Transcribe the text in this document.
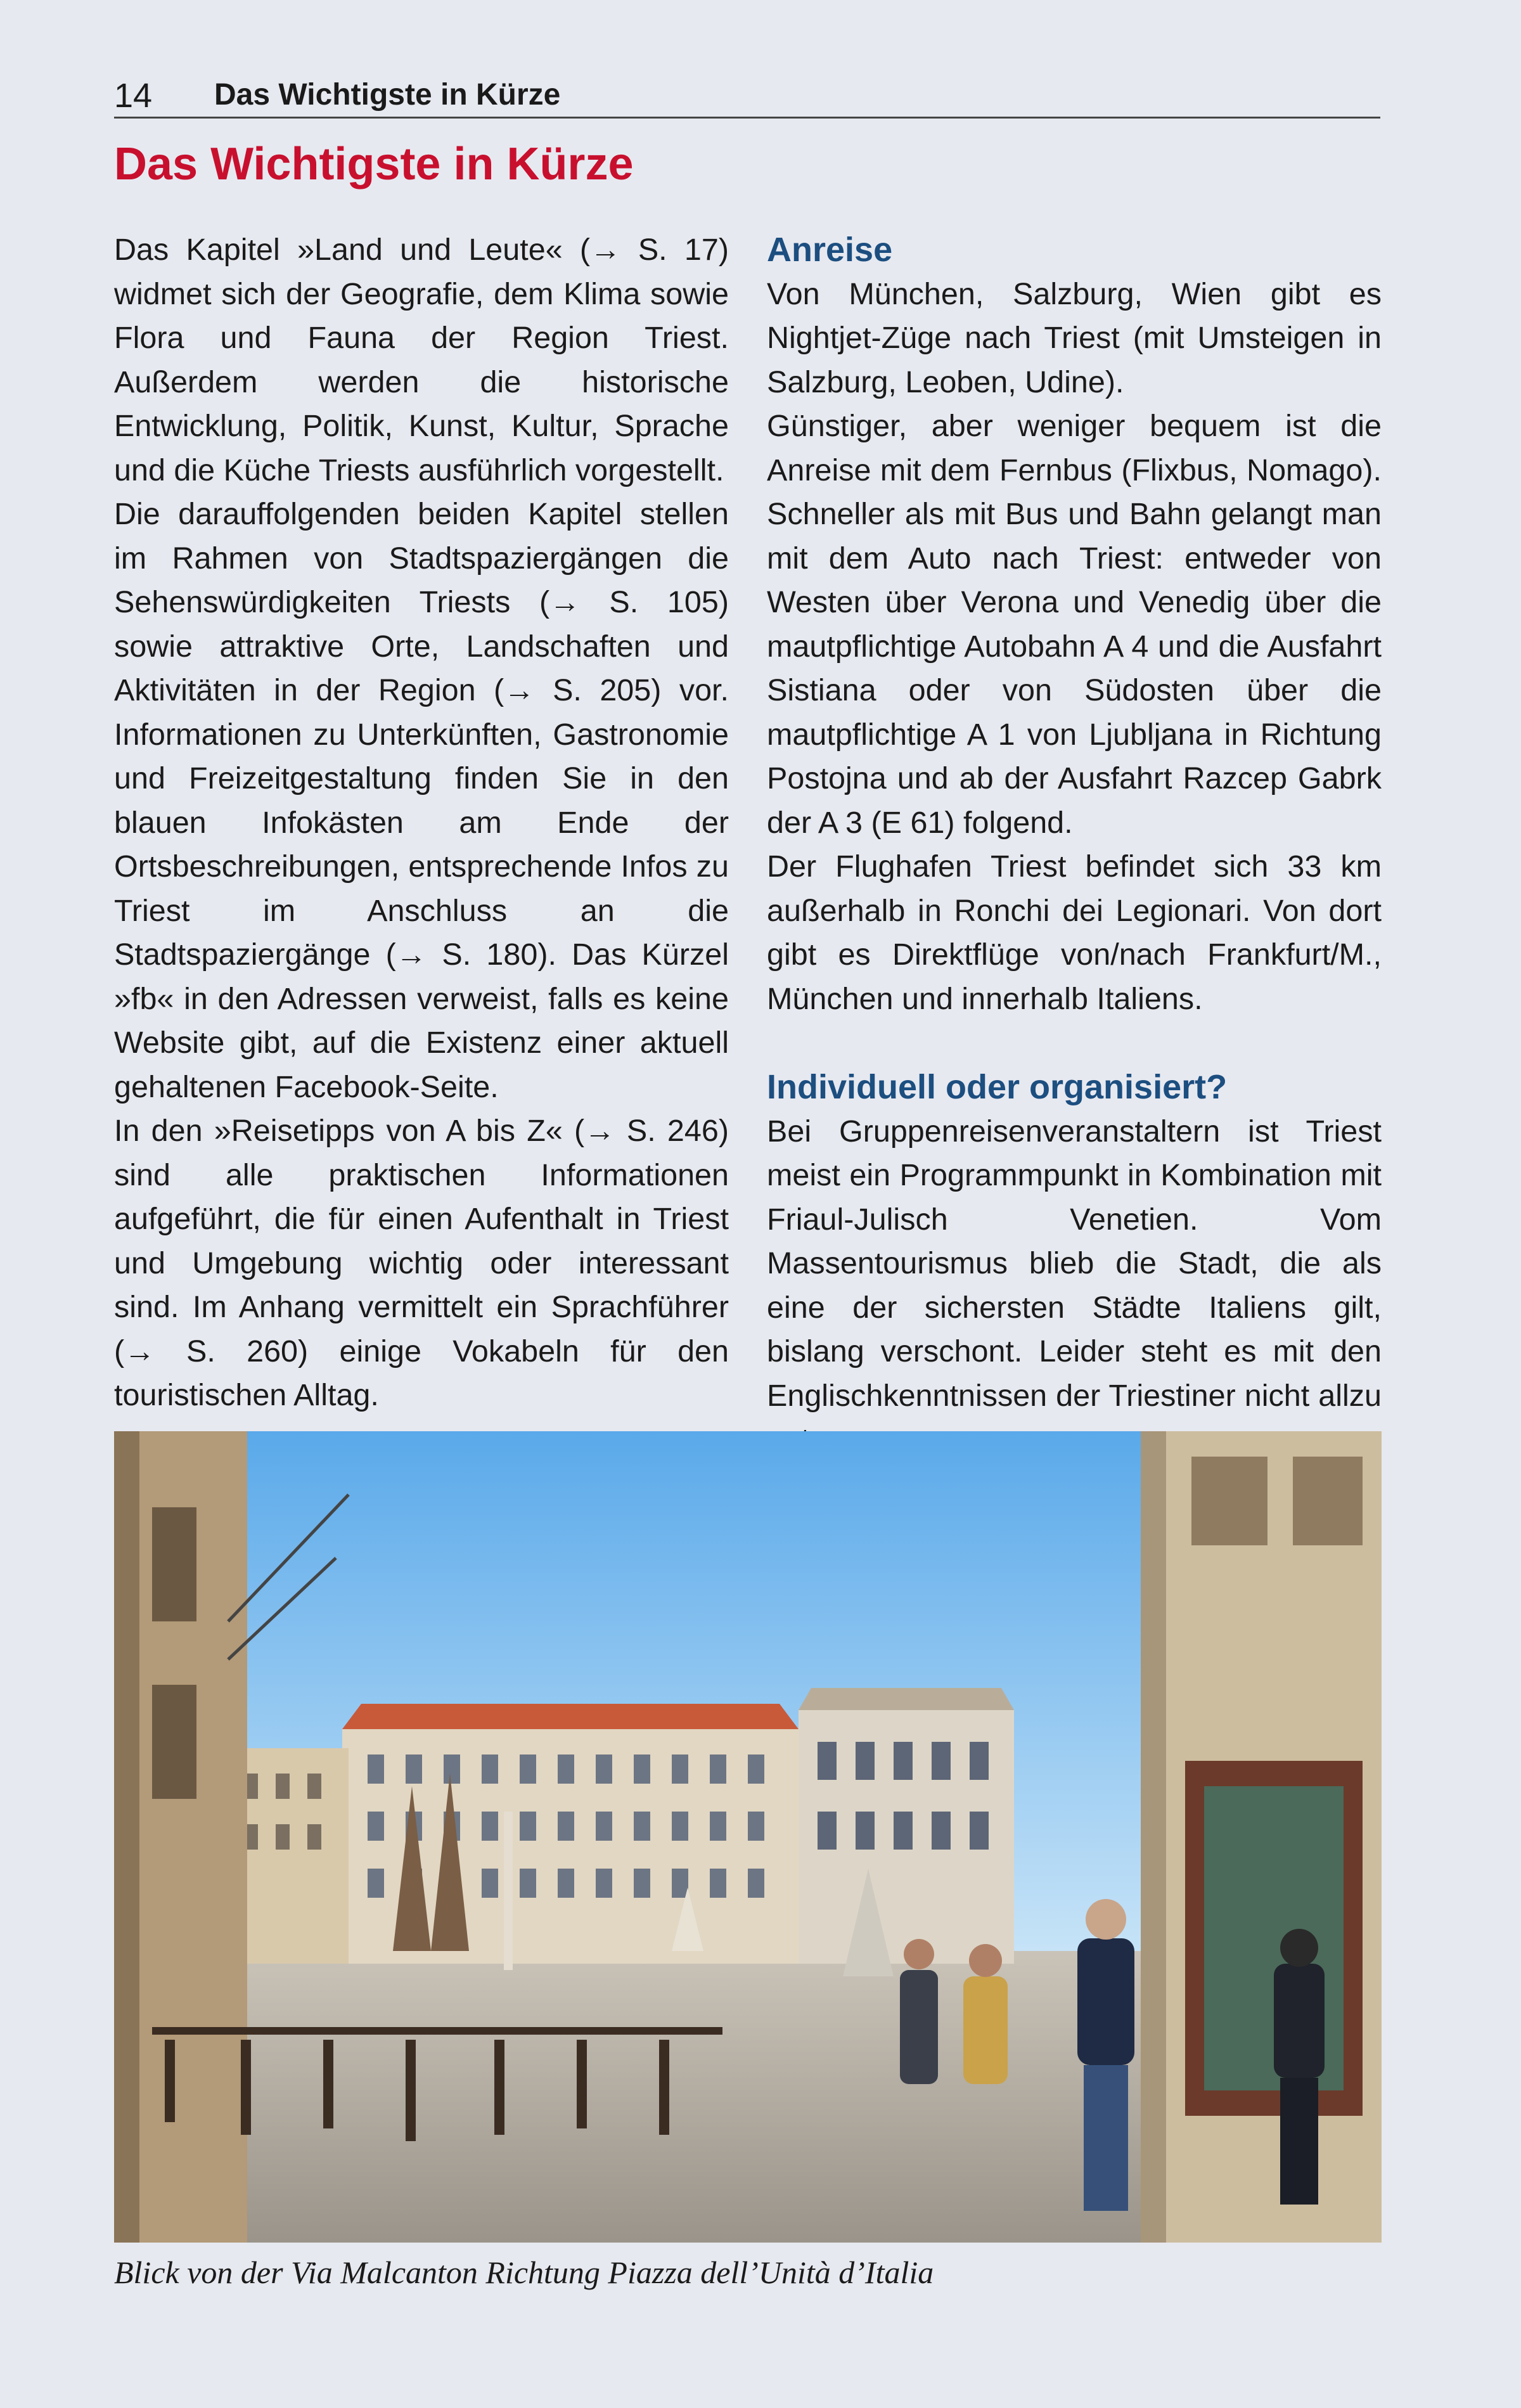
14 Das Wichtigste in Kürze
Das Wichtigste in Kürze

Das Kapitel »Land und Leute« (→ S. 17) widmet sich der Geografie, dem Klima sowie Flora und Fauna der Region Triest. Außerdem werden die historische Entwicklung, Politik, Kunst, Kultur, Sprache und die Küche Triests ausführlich vorgestellt.

Die darauffolgenden beiden Kapitel stellen im Rahmen von Stadtspaziergängen die Sehenswürdigkeiten Triests (→ S. 105) sowie attraktive Orte, Landschaften und Aktivitäten in der Region (→ S. 205) vor. Informationen zu Unterkünften, Gastronomie und Freizeitgestaltung finden Sie in den blauen Infokästen am Ende der Ortsbeschreibungen, entsprechende Infos zu Triest im Anschluss an die Stadtspaziergänge (→ S. 180). Das Kürzel »fb« in den Adressen verweist, falls es keine Website gibt, auf die Existenz einer aktuell gehaltenen Facebook-Seite.

In den »Reisetipps von A bis Z« (→ S. 246) sind alle praktischen Informationen aufgeführt, die für einen Aufenthalt in Triest und Umgebung wichtig oder interessant sind. Im Anhang vermittelt ein Sprachführer (→ S. 260) einige Vokabeln für den touristischen Alltag.

Anreise

Von München, Salzburg, Wien gibt es Nightjet-Züge nach Triest (mit Umsteigen in Salzburg, Leoben, Udine).

Günstiger, aber weniger bequem ist die Anreise mit dem Fernbus (Flixbus, Nomago). Schneller als mit Bus und Bahn gelangt man mit dem Auto nach Triest: entweder von Westen über Verona und Venedig über die mautpflichtige Autobahn A 4 und die Ausfahrt Sistiana oder von Südosten über die mautpflichtige A 1 von Ljubljana in Richtung Postojna und ab der Ausfahrt Razcep Gabrk der A 3 (E 61) folgend.

Der Flughafen Triest befindet sich 33 km außerhalb in Ronchi dei Legionari. Von dort gibt es Direktflüge von/nach Frankfurt/M., München und innerhalb Italiens.

Individuell oder organisiert?

Bei Gruppenreisenveranstaltern ist Triest meist ein Programmpunkt in Kombination mit Friaul-Julisch Venetien. Vom Massentourismus blieb die Stadt, die als eine der sichersten Städte Italiens gilt, bislang verschont. Leider steht es mit den Englischkenntnissen der Triestiner nicht allzu

Blick von der Via Malcanton Richtung Piazza dell’Unità d’Italia
